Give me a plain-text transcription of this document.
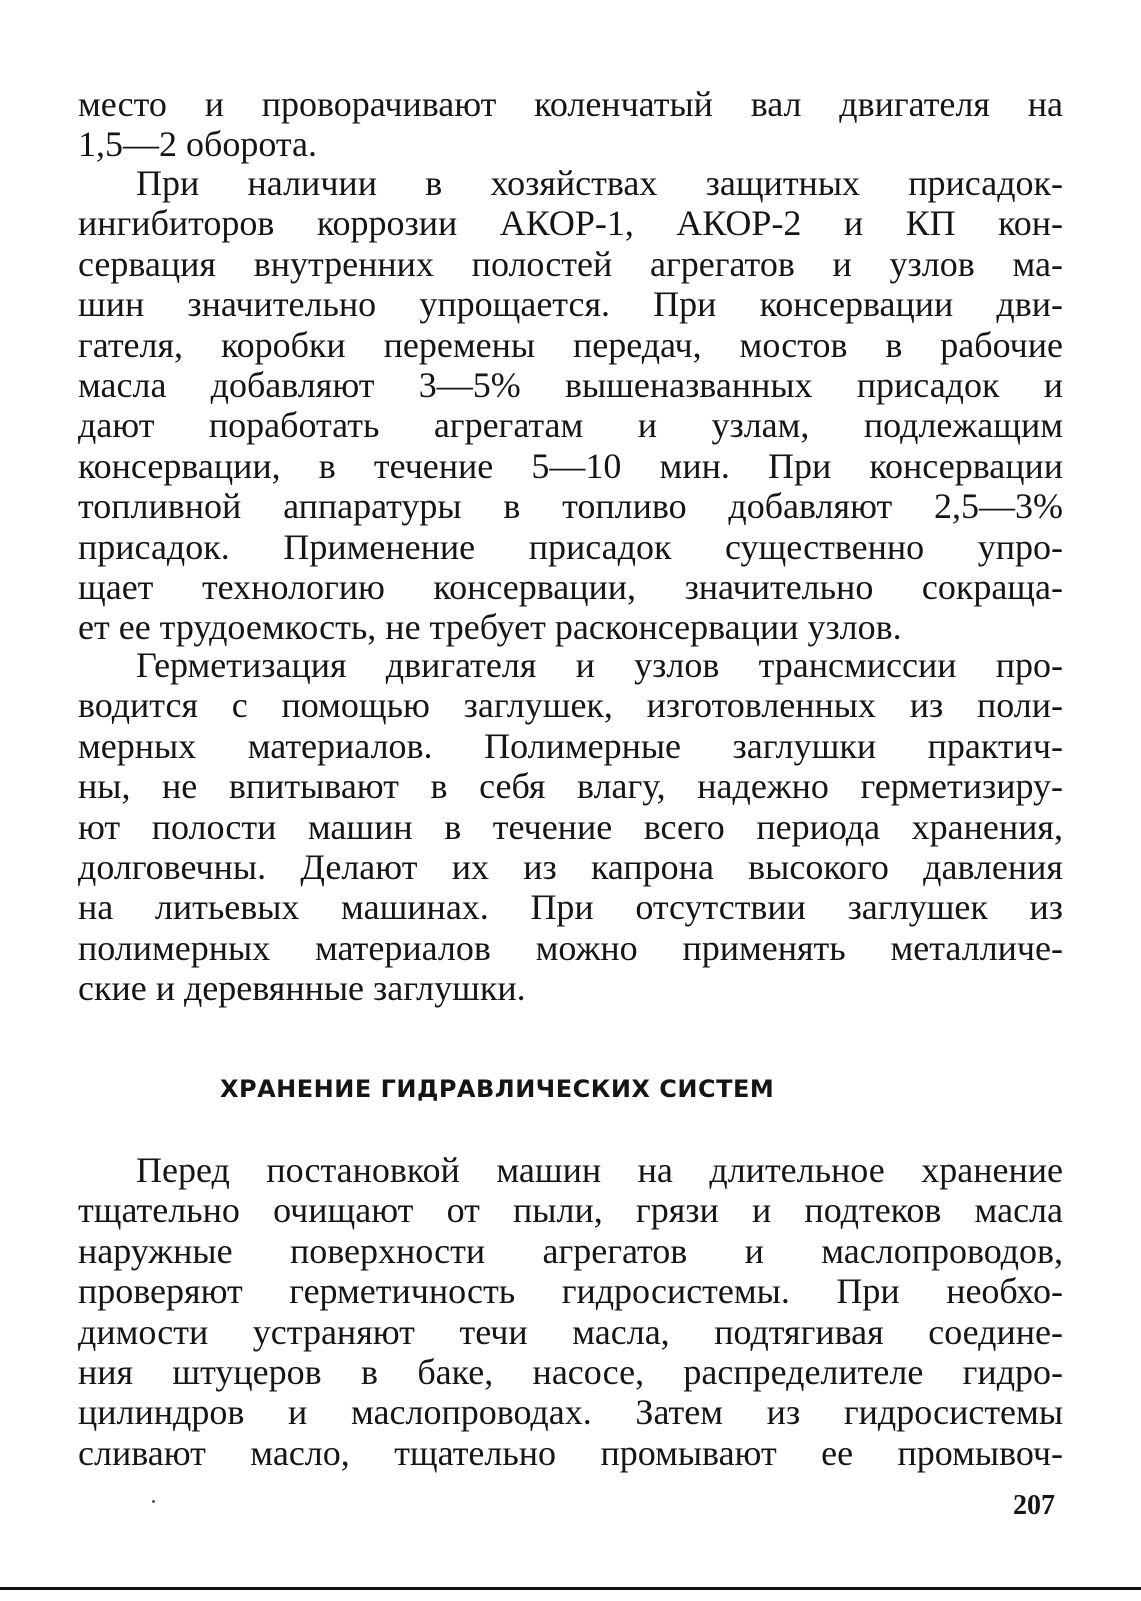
место и проворачивают коленчатый вал двигателя на
1,5—2 оборота.
При наличии в хозяйствах защитных присадок-
ингибиторов коррозии АКОР-1, АКОР-2 и КП кон-
сервация внутренних полостей агрегатов и узлов ма-
шин значительно упрощается. При консервации дви-
гателя, коробки перемены передач, мостов в рабочие
масла добавляют 3—5% вышеназванных присадок и
дают поработать агрегатам и узлам, подлежащим
консервации, в течение 5—10 мин. При консервации
топливной аппаратуры в топливо добавляют 2,5—3%
присадок. Применение присадок существенно упро-
щает технологию консервации, значительно сокраща-
ет ее трудоемкость, не требует расконсервации узлов.
Герметизация двигателя и узлов трансмиссии про-
водится с помощью заглушек, изготовленных из поли-
мерных материалов. Полимерные заглушки практич-
ны, не впитывают в себя влагу, надежно герметизиру-
ют полости машин в течение всего периода хранения,
долговечны. Делают их из капрона высокого давления
на литьевых машинах. При отсутствии заглушек из
полимерных материалов можно применять металличе-
ские и деревянные заглушки.
ХРАНЕНИЕ ГИДРАВЛИЧЕСКИХ СИСТЕМ
Перед постановкой машин на длительное хранение
тщательно очищают от пыли, грязи и подтеков масла
наружные поверхности агрегатов и маслопроводов,
проверяют герметичность гидросистемы. При необхо-
димости устраняют течи масла, подтягивая соедине-
ния штуцеров в баке, насосе, распределителе гидро-
цилиндров и маслопроводах. Затем из гидросистемы
сливают масло, тщательно промывают ее промывоч-
207
